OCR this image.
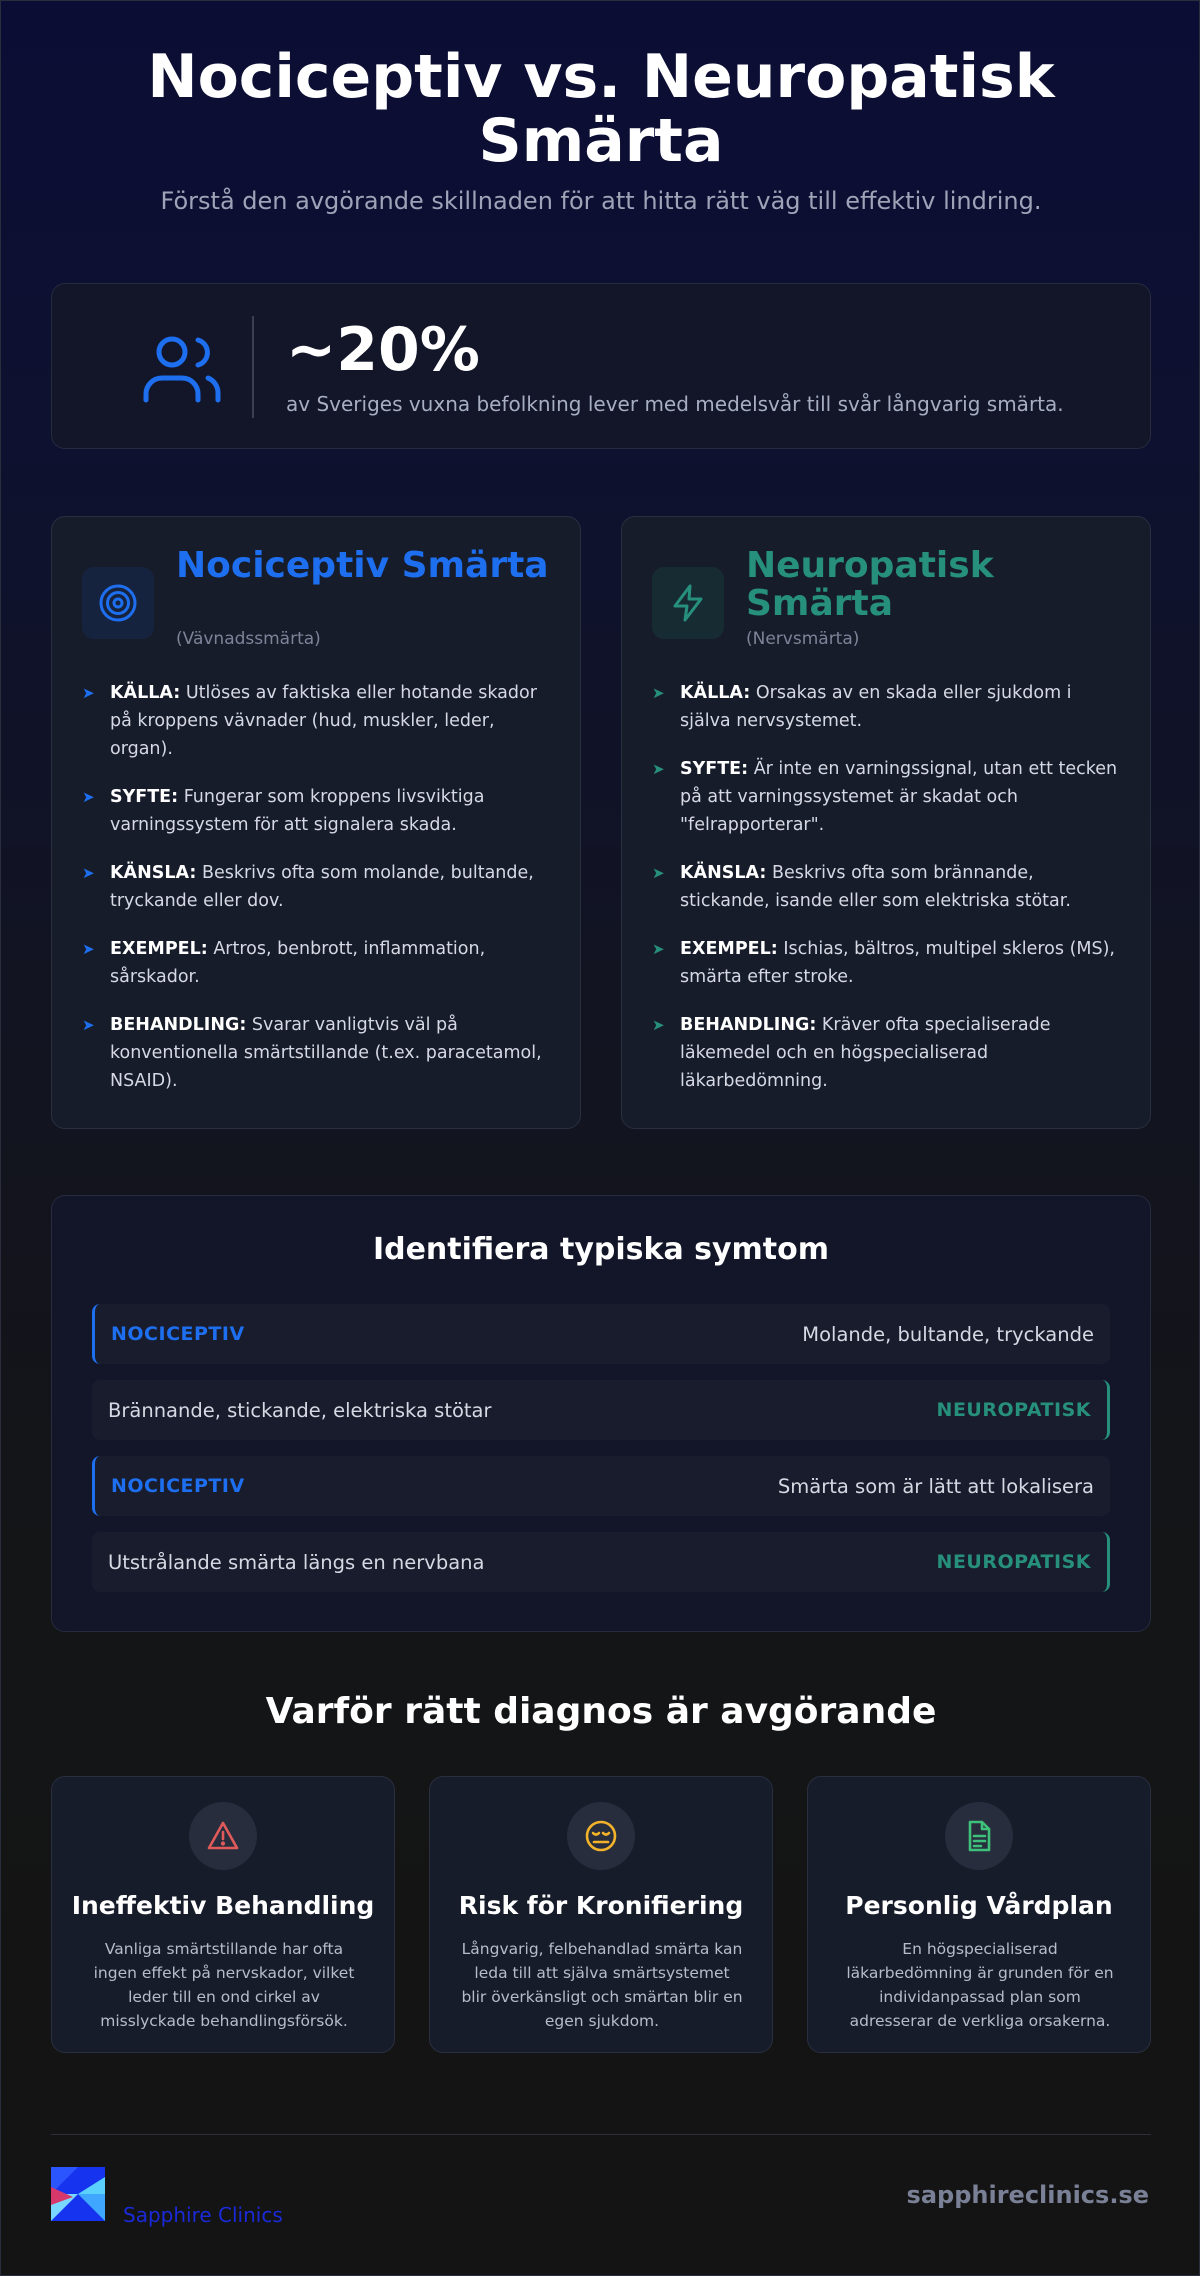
Nociceptiv vs. Neuropatisk Smärta

Förstå den avgörande skillnaden för att hitta rätt väg till effektiv lindring.

~20%
av Sveriges vuxna befolkning lever med medelsvår till svår långvarig smärta.
Nociceptiv Smärta
(Vävnadssmärta)
➤ KÄLLA: Utlöses av faktiska eller hotande skador på kroppens vävnader (hud, muskler, leder, organ).
➤ SYFTE: Fungerar som kroppens livsviktiga varningssystem för att signalera skada.
➤ KÄNSLA: Beskrivs ofta som molande, bultande, tryckande eller dov.
➤ EXEMPEL: Artros, benbrott, inflammation, sårskador.
➤ BEHANDLING: Svarar vanligtvis väl på konventionella smärtstillande (t.ex. paracetamol, NSAID).
Neuropatisk Smärta
(Nervsmärta)
➤ KÄLLA: Orsakas av en skada eller sjukdom i själva nervsystemet.
➤ SYFTE: Är inte en varningssignal, utan ett tecken på att varningssystemet är skadat och "felrapporterar".
➤ KÄNSLA: Beskrivs ofta som brännande, stickande, isande eller som elektriska stötar.
➤ EXEMPEL: Ischias, bältros, multipel skleros (MS), smärta efter stroke.
➤ BEHANDLING: Kräver ofta specialiserade läkemedel och en högspecialiserad läkarbedömning.
Identifiera typiska symtom
NOCICEPTIV	Molande, bultande, tryckande
Brännande, stickande, elektriska stötar	NEUROPATISK
NOCICEPTIV	Smärta som är lätt att lokalisera
Utstrålande smärta längs en nervbana	NEUROPATISK
Varför rätt diagnos är avgörande
Ineffektiv Behandling

Vanliga smärtstillande har ofta ingen effekt på nervskador, vilket leder till en ond cirkel av misslyckade behandlingsförsök.

Risk för Kronifiering

Långvarig, felbehandlad smärta kan leda till att själva smärtsystemet blir överkänsligt och smärtan blir en egen sjukdom.

Personlig Vårdplan

En högspecialiserad läkarbedömning är grunden för en individanpassad plan som adresserar de verkliga orsakerna.

Sapphire Clinics
sapphireclinics.se
